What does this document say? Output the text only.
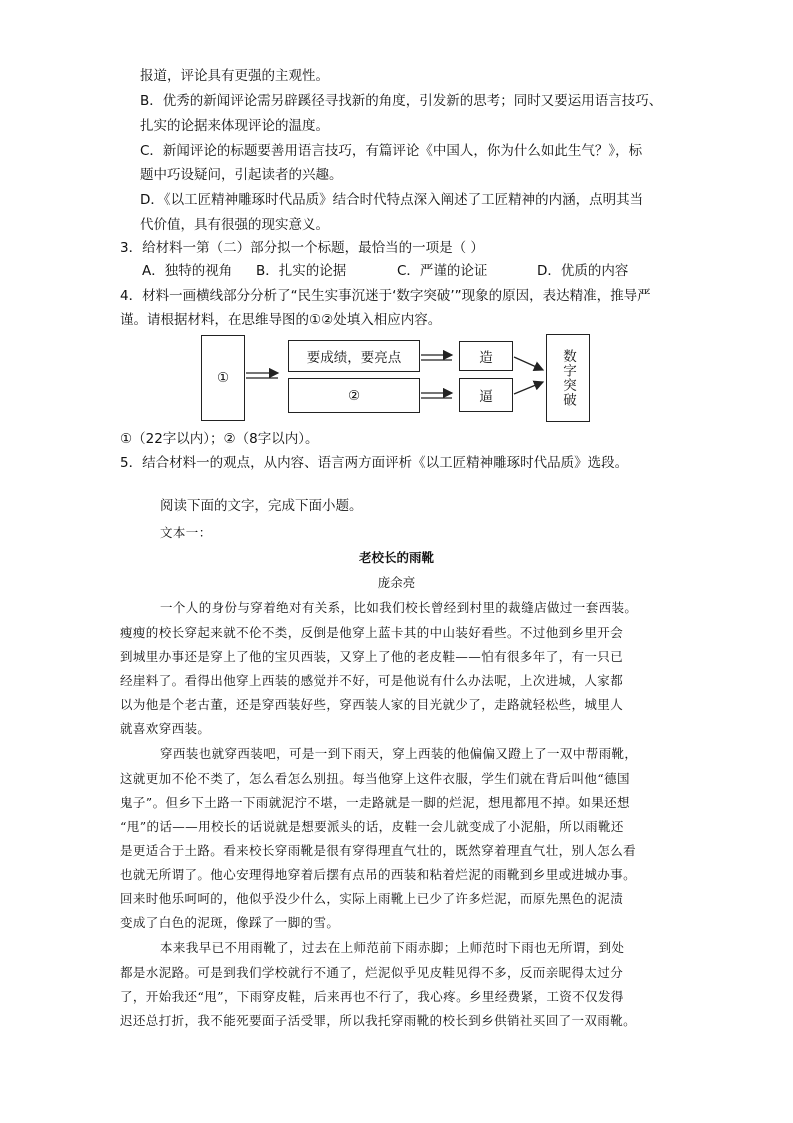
报道，评论具有更强的主观性。
B．优秀的新闻评论需另辟蹊径寻找新的角度，引发新的思考；同时又要运用语言技巧、
扎实的论据来体现评论的温度。
C．新闻评论的标题要善用语言技巧，有篇评论《中国人，你为什么如此生气？》，标
题中巧设疑问，引起读者的兴趣。
D．《以工匠精神雕琢时代品质》结合时代特点深入阐述了工匠精神的内涵，点明其当
代价值，具有很强的现实意义。
3．给材料一第（二）部分拟一个标题，最恰当的一项是（ ）
A．独特的视角 B．扎实的论据	C．严谨的论证	D．优质的内容
4．材料一画横线部分分析了“民生实事沉迷于‘数字突破’”现象的原因，表达精准，推导严
谨。请根据材料，在思维导图的①②处填入相应内容。
①
要成绩，要亮点
②
造
逼	数字突破
①（22字以内）；②（8字以内）。
5．结合材料一的观点，从内容、语言两方面评析《以工匠精神雕琢时代品质》选段。
阅读下面的文字，完成下面小题。
文本一：
老校长的雨靴
庞余亮
一个人的身份与穿着绝对有关系，比如我们校长曾经到村里的裁缝店做过一套西装。
瘦瘦的校长穿起来就不伦不类，反倒是他穿上蓝卡其的中山装好看些。不过他到乡里开会
到城里办事还是穿上了他的宝贝西装，又穿上了他的老皮鞋——怕有很多年了，有一只已
经崖料了。看得出他穿上西装的感觉并不好，可是他说有什么办法呢，上次进城，人家都
以为他是个老古董，还是穿西装好些，穿西装人家的目光就少了，走路就轻松些，城里人
就喜欢穿西装。
穿西装也就穿西装吧，可是一到下雨天，穿上西装的他偏偏又蹬上了一双中帮雨靴，
这就更加不伦不类了，怎么看怎么别扭。每当他穿上这件衣服，学生们就在背后叫他“德国
鬼子”。但乡下土路一下雨就泥泞不堪，一走路就是一脚的烂泥，想甩都甩不掉。如果还想
“甩”的话——用校长的话说就是想要派头的话，皮鞋一会儿就变成了小泥船，所以雨靴还
是更适合于土路。看来校长穿雨靴是很有穿得理直气壮的，既然穿着理直气壮，别人怎么看
也就无所谓了。他心安理得地穿着后摆有点吊的西装和粘着烂泥的雨靴到乡里或进城办事。
回来时他乐呵呵的，他似乎没少什么，实际上雨靴上已少了许多烂泥，而原先黑色的泥渍
变成了白色的泥斑，像踩了一脚的雪。
本来我早已不用雨靴了，过去在上师范前下雨赤脚；上师范时下雨也无所谓，到处
都是水泥路。可是到我们学校就行不通了，烂泥似乎见皮鞋见得不多，反而亲昵得太过分
了，开始我还“甩”，下雨穿皮鞋，后来再也不行了，我心疼。乡里经费紧，工资不仅发得
迟还总打折，我不能死要面子活受罪，所以我托穿雨靴的校长到乡供销社买回了一双雨靴。
